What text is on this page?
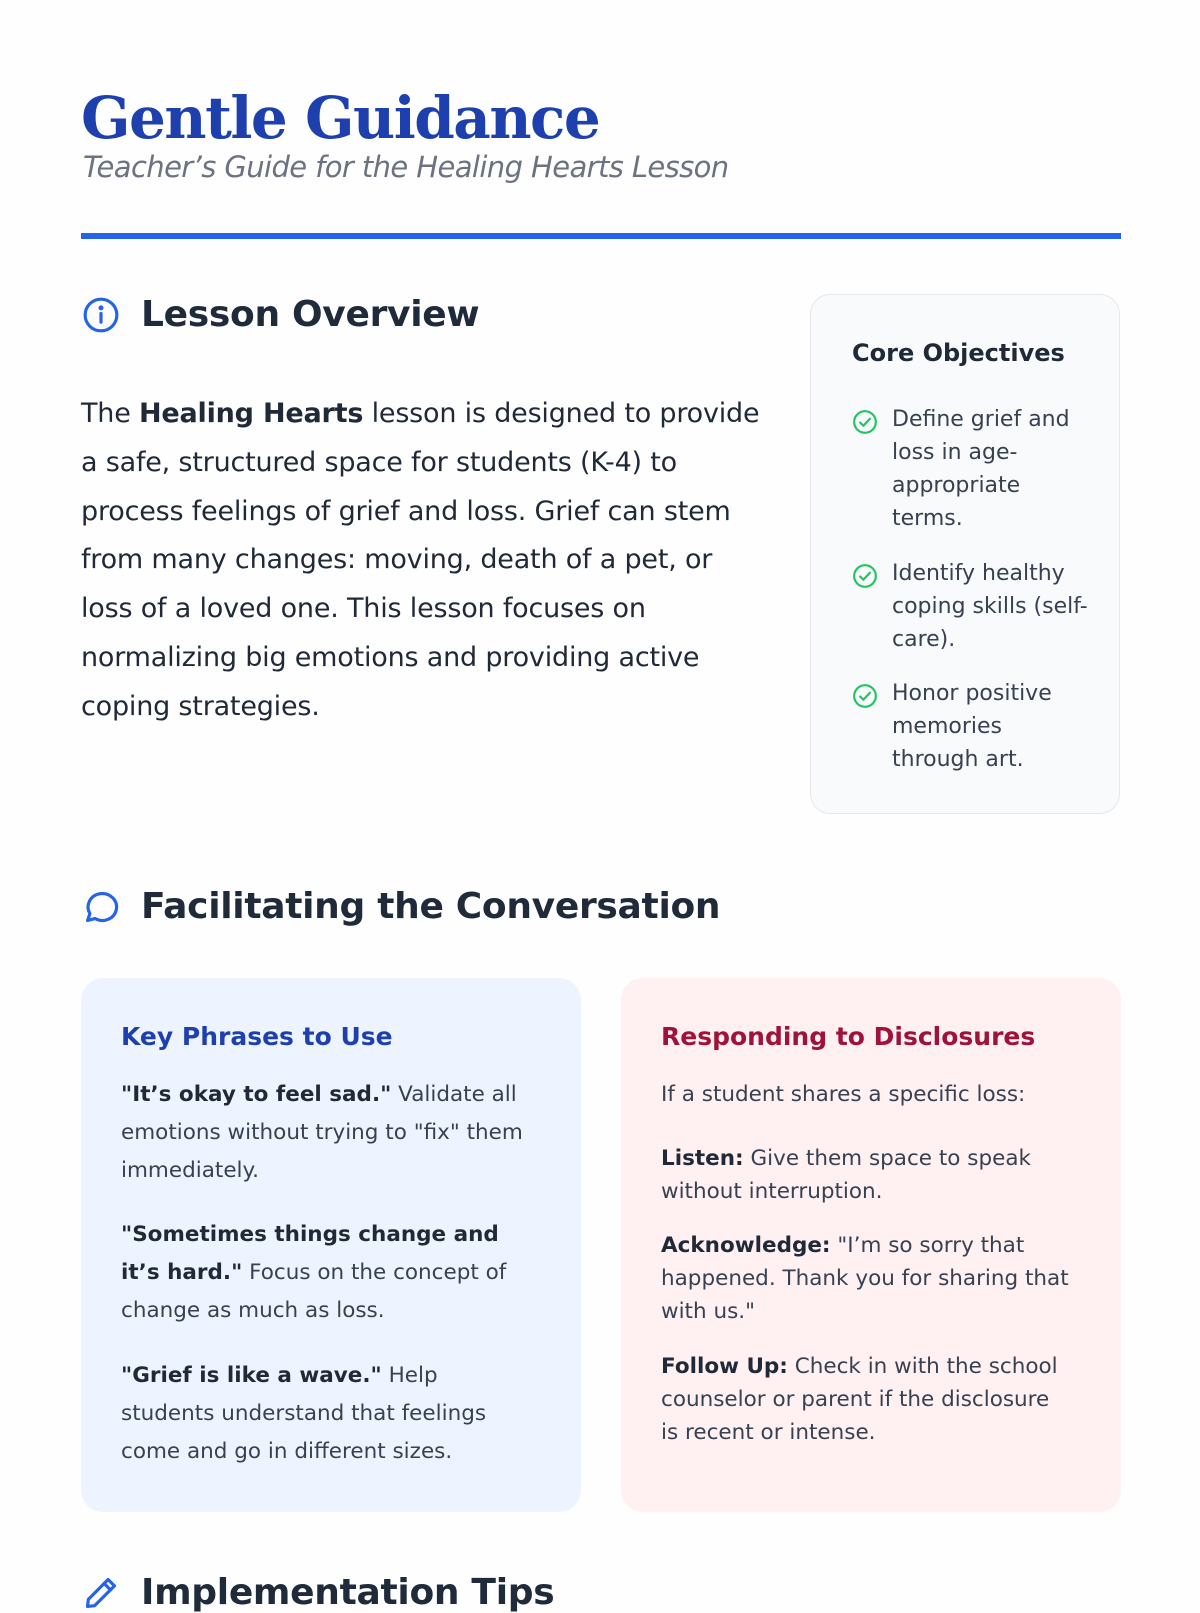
Gentle Guidance
Teacher’s Guide for the Healing Hearts Lesson
Lesson Overview
The Healing Hearts lesson is designed to provide a safe, structured space for students (K-4) to process feelings of grief and loss. Grief can stem from many changes: moving, death of a pet, or loss of a loved one. This lesson focuses on normalizing big emotions and providing active coping strategies.
Core Objectives
Define grief and loss in age-appropriate terms.
Identify healthy coping skills (self-care).
Honor positive memories through art.
Facilitating the Conversation
Key Phrases to Use

"It’s okay to feel sad." Validate all emotions without trying to "fix" them immediately.

"Sometimes things change and it’s hard." Focus on the concept of change as much as loss.

"Grief is like a wave." Help students understand that feelings come and go in different sizes.

Responding to Disclosures

If a student shares a specific loss:

Listen: Give them space to speak without interruption.

Acknowledge: "I’m so sorry that happened. Thank you for sharing that with us."

Follow Up: Check in with the school counselor or parent if the disclosure is recent or intense.

Implementation Tips
